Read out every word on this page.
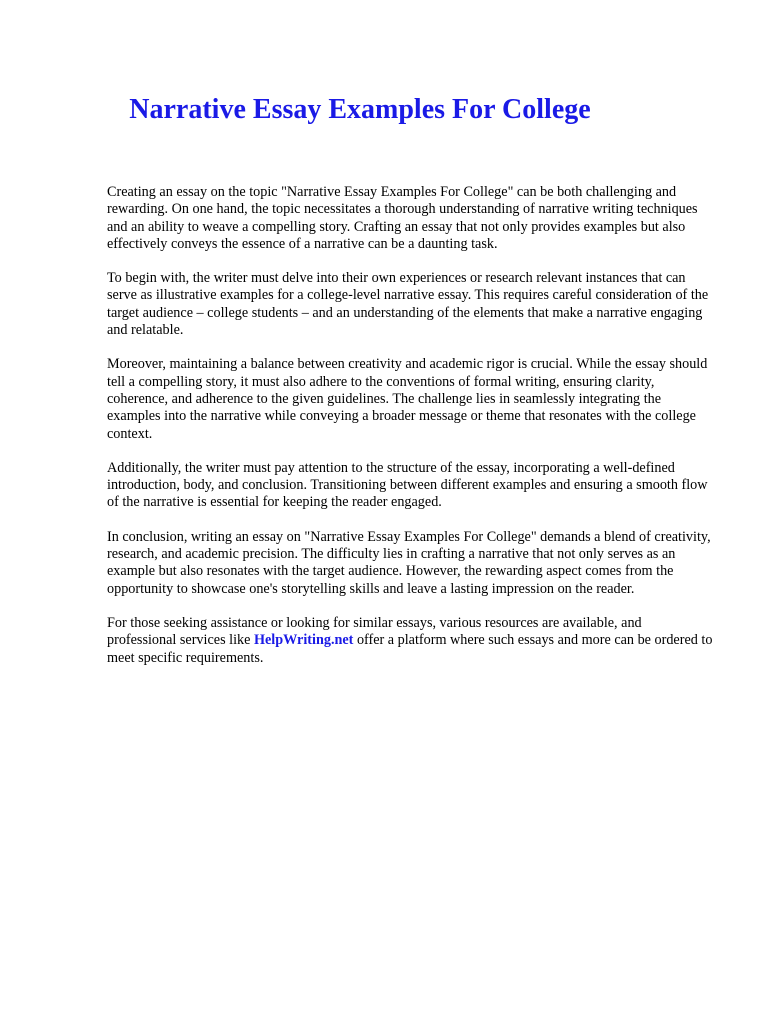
Narrative Essay Examples For College

Creating an essay on the topic "Narrative Essay Examples For College" can be both challenging and rewarding. On one hand, the topic necessitates a thorough understanding of narrative writing techniques and an ability to weave a compelling story. Crafting an essay that not only provides examples but also effectively conveys the essence of a narrative can be a daunting task.

To begin with, the writer must delve into their own experiences or research relevant instances that can serve as illustrative examples for a college-level narrative essay. This requires careful consideration of the target audience – college students – and an understanding of the elements that make a narrative engaging and relatable.

Moreover, maintaining a balance between creativity and academic rigor is crucial. While the essay should tell a compelling story, it must also adhere to the conventions of formal writing, ensuring clarity, coherence, and adherence to the given guidelines. The challenge lies in seamlessly integrating the examples into the narrative while conveying a broader message or theme that resonates with the college context.

Additionally, the writer must pay attention to the structure of the essay, incorporating a well-defined introduction, body, and conclusion. Transitioning between different examples and ensuring a smooth flow of the narrative is essential for keeping the reader engaged.

In conclusion, writing an essay on "Narrative Essay Examples For College" demands a blend of creativity, research, and academic precision. The difficulty lies in crafting a narrative that not only serves as an example but also resonates with the target audience. However, the rewarding aspect comes from the opportunity to showcase one's storytelling skills and leave a lasting impression on the reader.

For those seeking assistance or looking for similar essays, various resources are available, and professional services like HelpWriting.net offer a platform where such essays and more can be ordered to meet specific requirements.
